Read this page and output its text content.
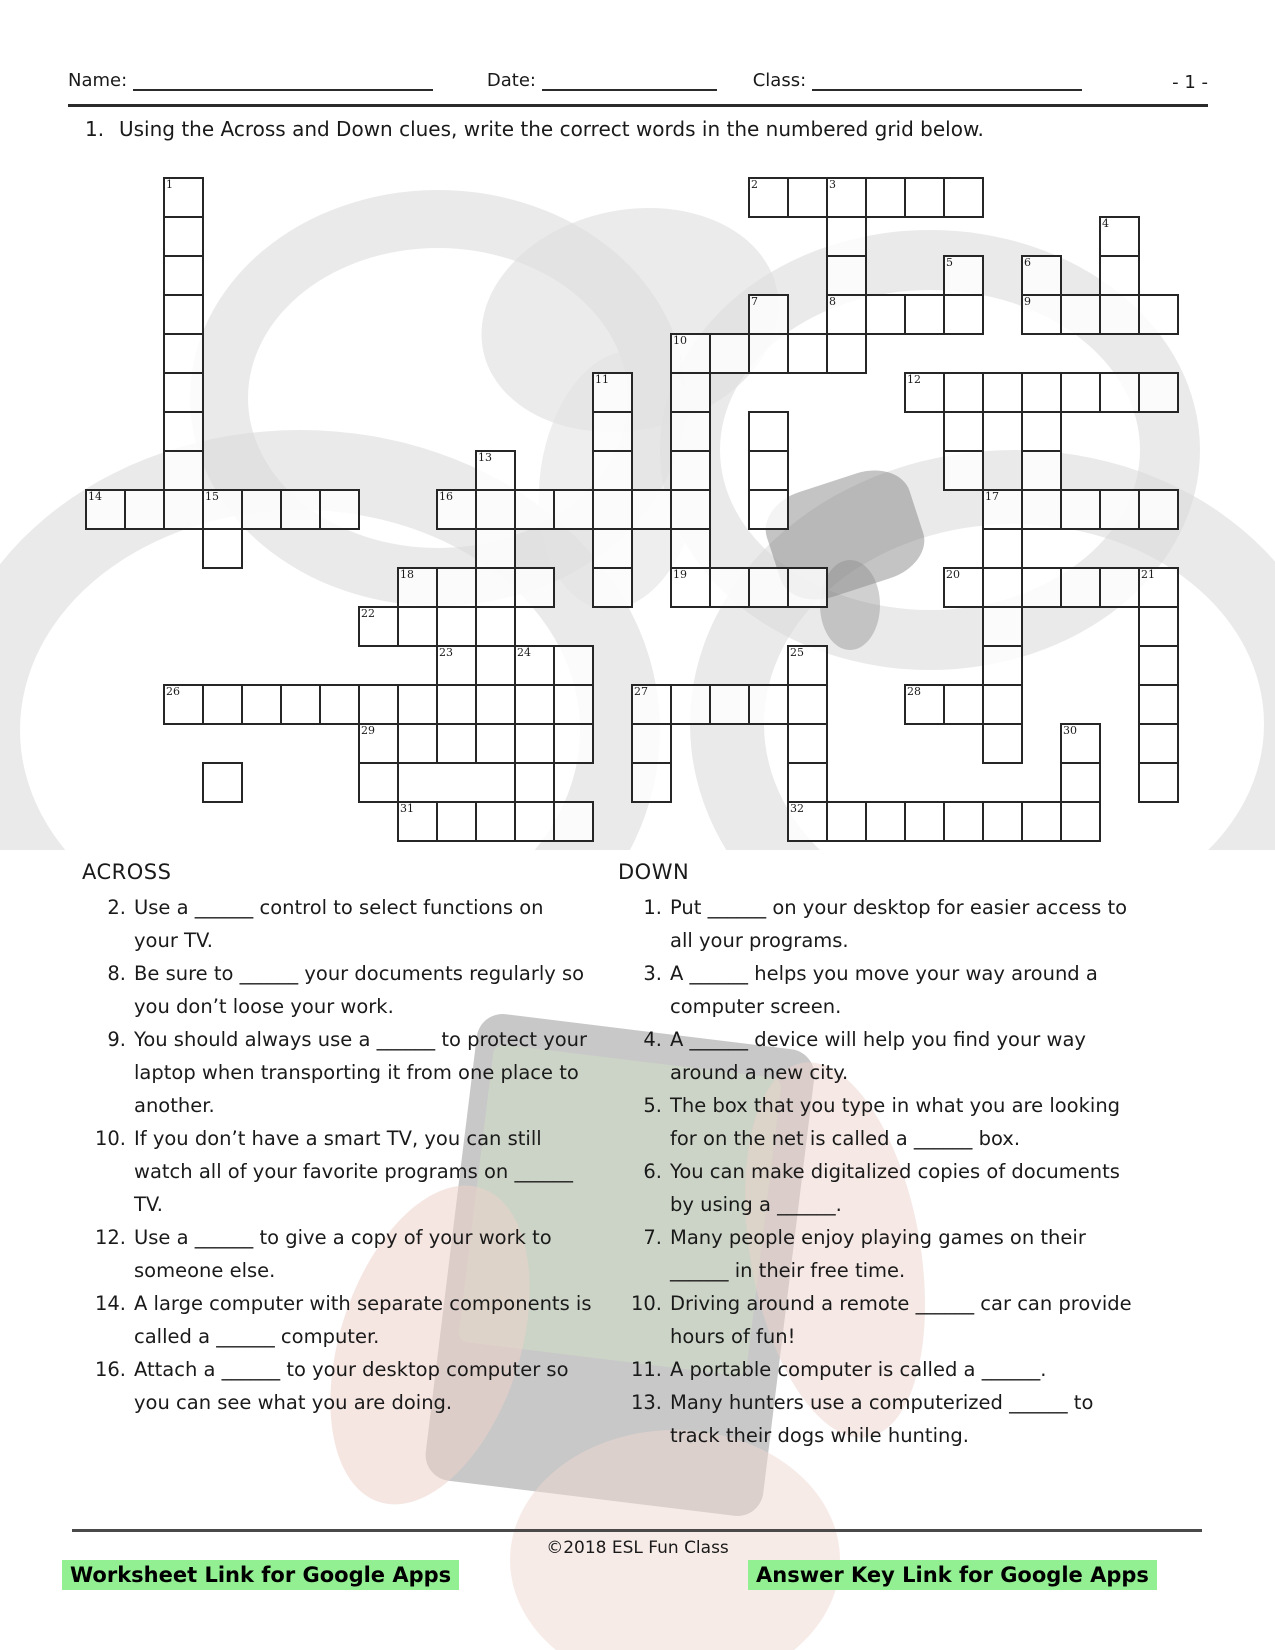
Name:	Date:	Class:	- 1 -
1. Using the Across and Down clues, write the correct words in the numbered grid below.
1	2	3
4
5	6
7	8	9
10
11	12
13
14	15	16	17
18	19	20	21
22
23	24	25
26	27	28
29	30
31	32
ACROSS
2. Use a ______ control to select functions on your TV.
8. Be sure to ______ your documents regularly so you don’t loose your work.
9. You should always use a ______ to protect your laptop when transporting it from one place to another.
10. If you don’t have a smart TV, you can still watch all of your favorite programs on ______ TV.
12. Use a ______ to give a copy of your work to someone else.
14. A large computer with separate components is called a ______ computer.
16. Attach a ______ to your desktop computer so you can see what you are doing.
DOWN
1. Put ______ on your desktop for easier access to all your programs.
3. A ______ helps you move your way around a computer screen.
4. A ______ device will help you find your way around a new city.
5. The box that you type in what you are looking for on the net is called a ______ box.
6. You can make digitalized copies of documents by using a ______.
7. Many people enjoy playing games on their ______ in their free time.
10. Driving around a remote ______ car can provide hours of fun!
11. A portable computer is called a ______.
13. Many hunters use a computerized ______ to track their dogs while hunting.
©2018 ESL Fun Class
Worksheet Link for Google Apps	Answer Key Link for Google Apps
